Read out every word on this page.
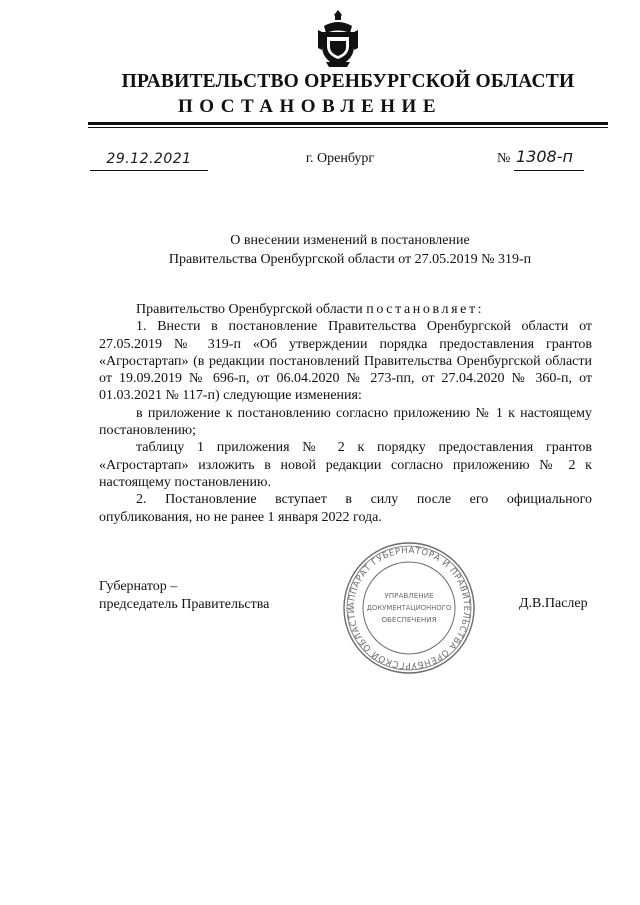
ПРАВИТЕЛЬСТВО ОРЕНБУРГСКОЙ ОБЛАСТИ
ПОСТАНОВЛЕНИЕ
29.12.2021	г. Оренбург	№ 1308-п
О внесении изменений в постановление
Правительства Оренбургской области от 27.05.2019 № 319-п

Правительство Оренбургской области постановляет:

1. Внести в постановление Правительства Оренбургской области от 27.05.2019 № 319-п «Об утверждении порядка предоставления грантов «Агростартап» (в редакции постановлений Правительства Оренбургской области от 19.09.2019 № 696-п, от 06.04.2020 № 273-пп, от 27.04.2020 № 360-п, от 01.03.2021 № 117-п) следующие изменения:

в приложение к постановлению согласно приложению № 1 к настоящему постановлению;

таблицу 1 приложения № 2 к порядку предоставления грантов «Агростартап» изложить в новой редакции согласно приложению № 2 к настоящему постановлению.

2. Постановление вступает в силу после его официального

опубликования, но не ранее 1 января 2022 года.

Губернатор –
председатель Правительства	Д.В.Паслер
АППАРАТ ГУБЕРНАТОРА И ПРАВИТЕЛЬСТВА ОРЕНБУРГСКОЙ ОБЛАСТИ
УПРАВЛЕНИЕ
ДОКУМЕНТАЦИОННОГО
ОБЕСПЕЧЕНИЯ
